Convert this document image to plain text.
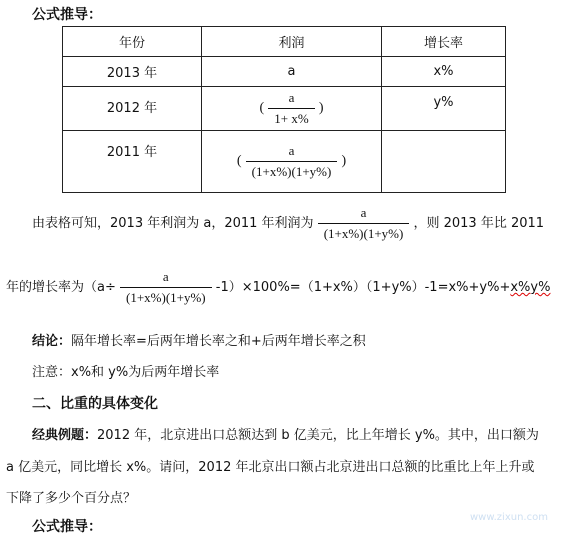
公式推导：
年份	利润	增长率
2013 年	a	x%
2012 年	( $\frac{a}{1+ x\%}$ )	y%
2011 年	( $\frac{a}{(1+x\%)(1+y\%)}$ )	
由表格可知，2013 年利润为 a，2011 年利润为 $\frac{a}{(1+x\%)(1+y\%)}$ ，则 2013 年比 2011
年的增长率为$(a\div \frac{a}{(1+x\%)(1+y\%)} -1)\times 100\%=(1+x\%)(1+y\%)-1=x\%+y\%+x\%y\%$
结论：隔年增长率=后两年增长率之和+后两年增长率之积
注意：x%和 y%为后两年增长率
二、比重的具体变化
经典例题：2012 年，北京进出口总额达到 b 亿美元，比上年增长 y%。其中，出口额为
a 亿美元，同比增长 x%。请问，2012 年北京出口额占北京进出口总额的比重比上年上升或
下降了多少个百分点？
公式推导：
www.zixun.com
